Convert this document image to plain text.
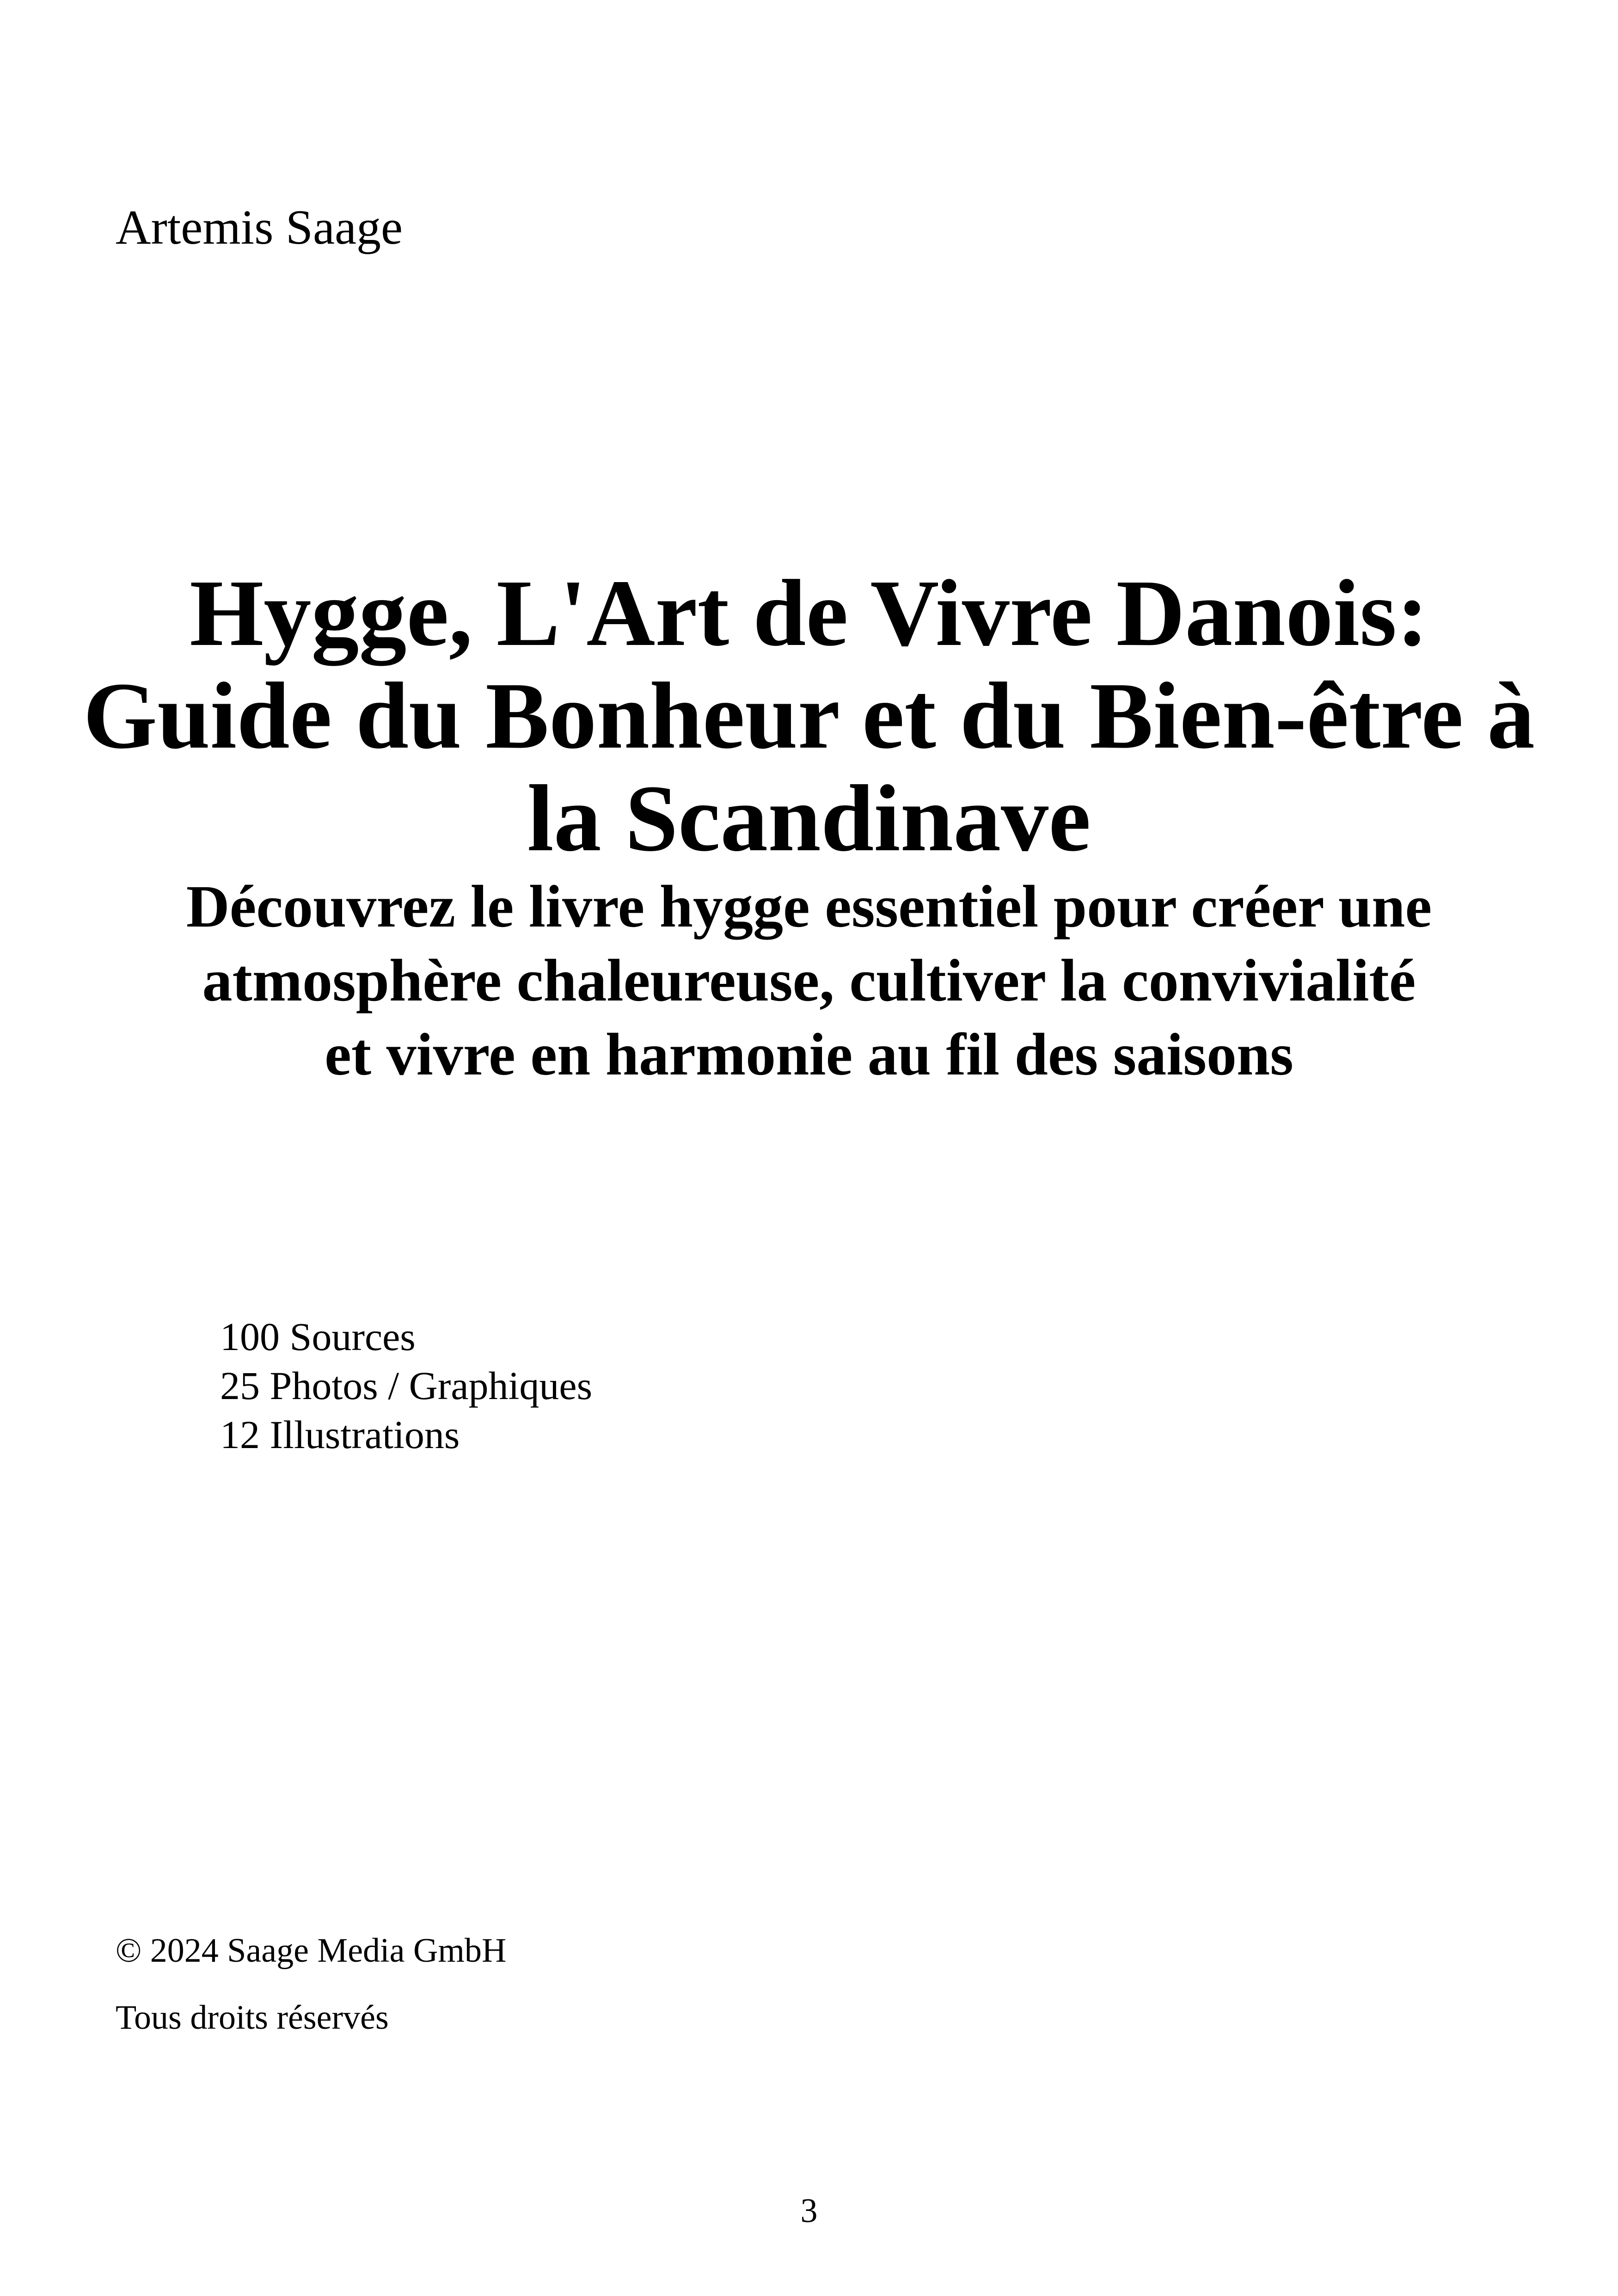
Artemis Saage
Hygge, L'Art de Vivre Danois:
Guide du Bonheur et du Bien-être à
la Scandinave
Découvrez le livre hygge essentiel pour créer une
atmosphère chaleureuse, cultiver la convivialité
et vivre en harmonie au fil des saisons
100 Sources
25 Photos / Graphiques
12 Illustrations
© 2024 Saage Media GmbH
Tous droits réservés
3
